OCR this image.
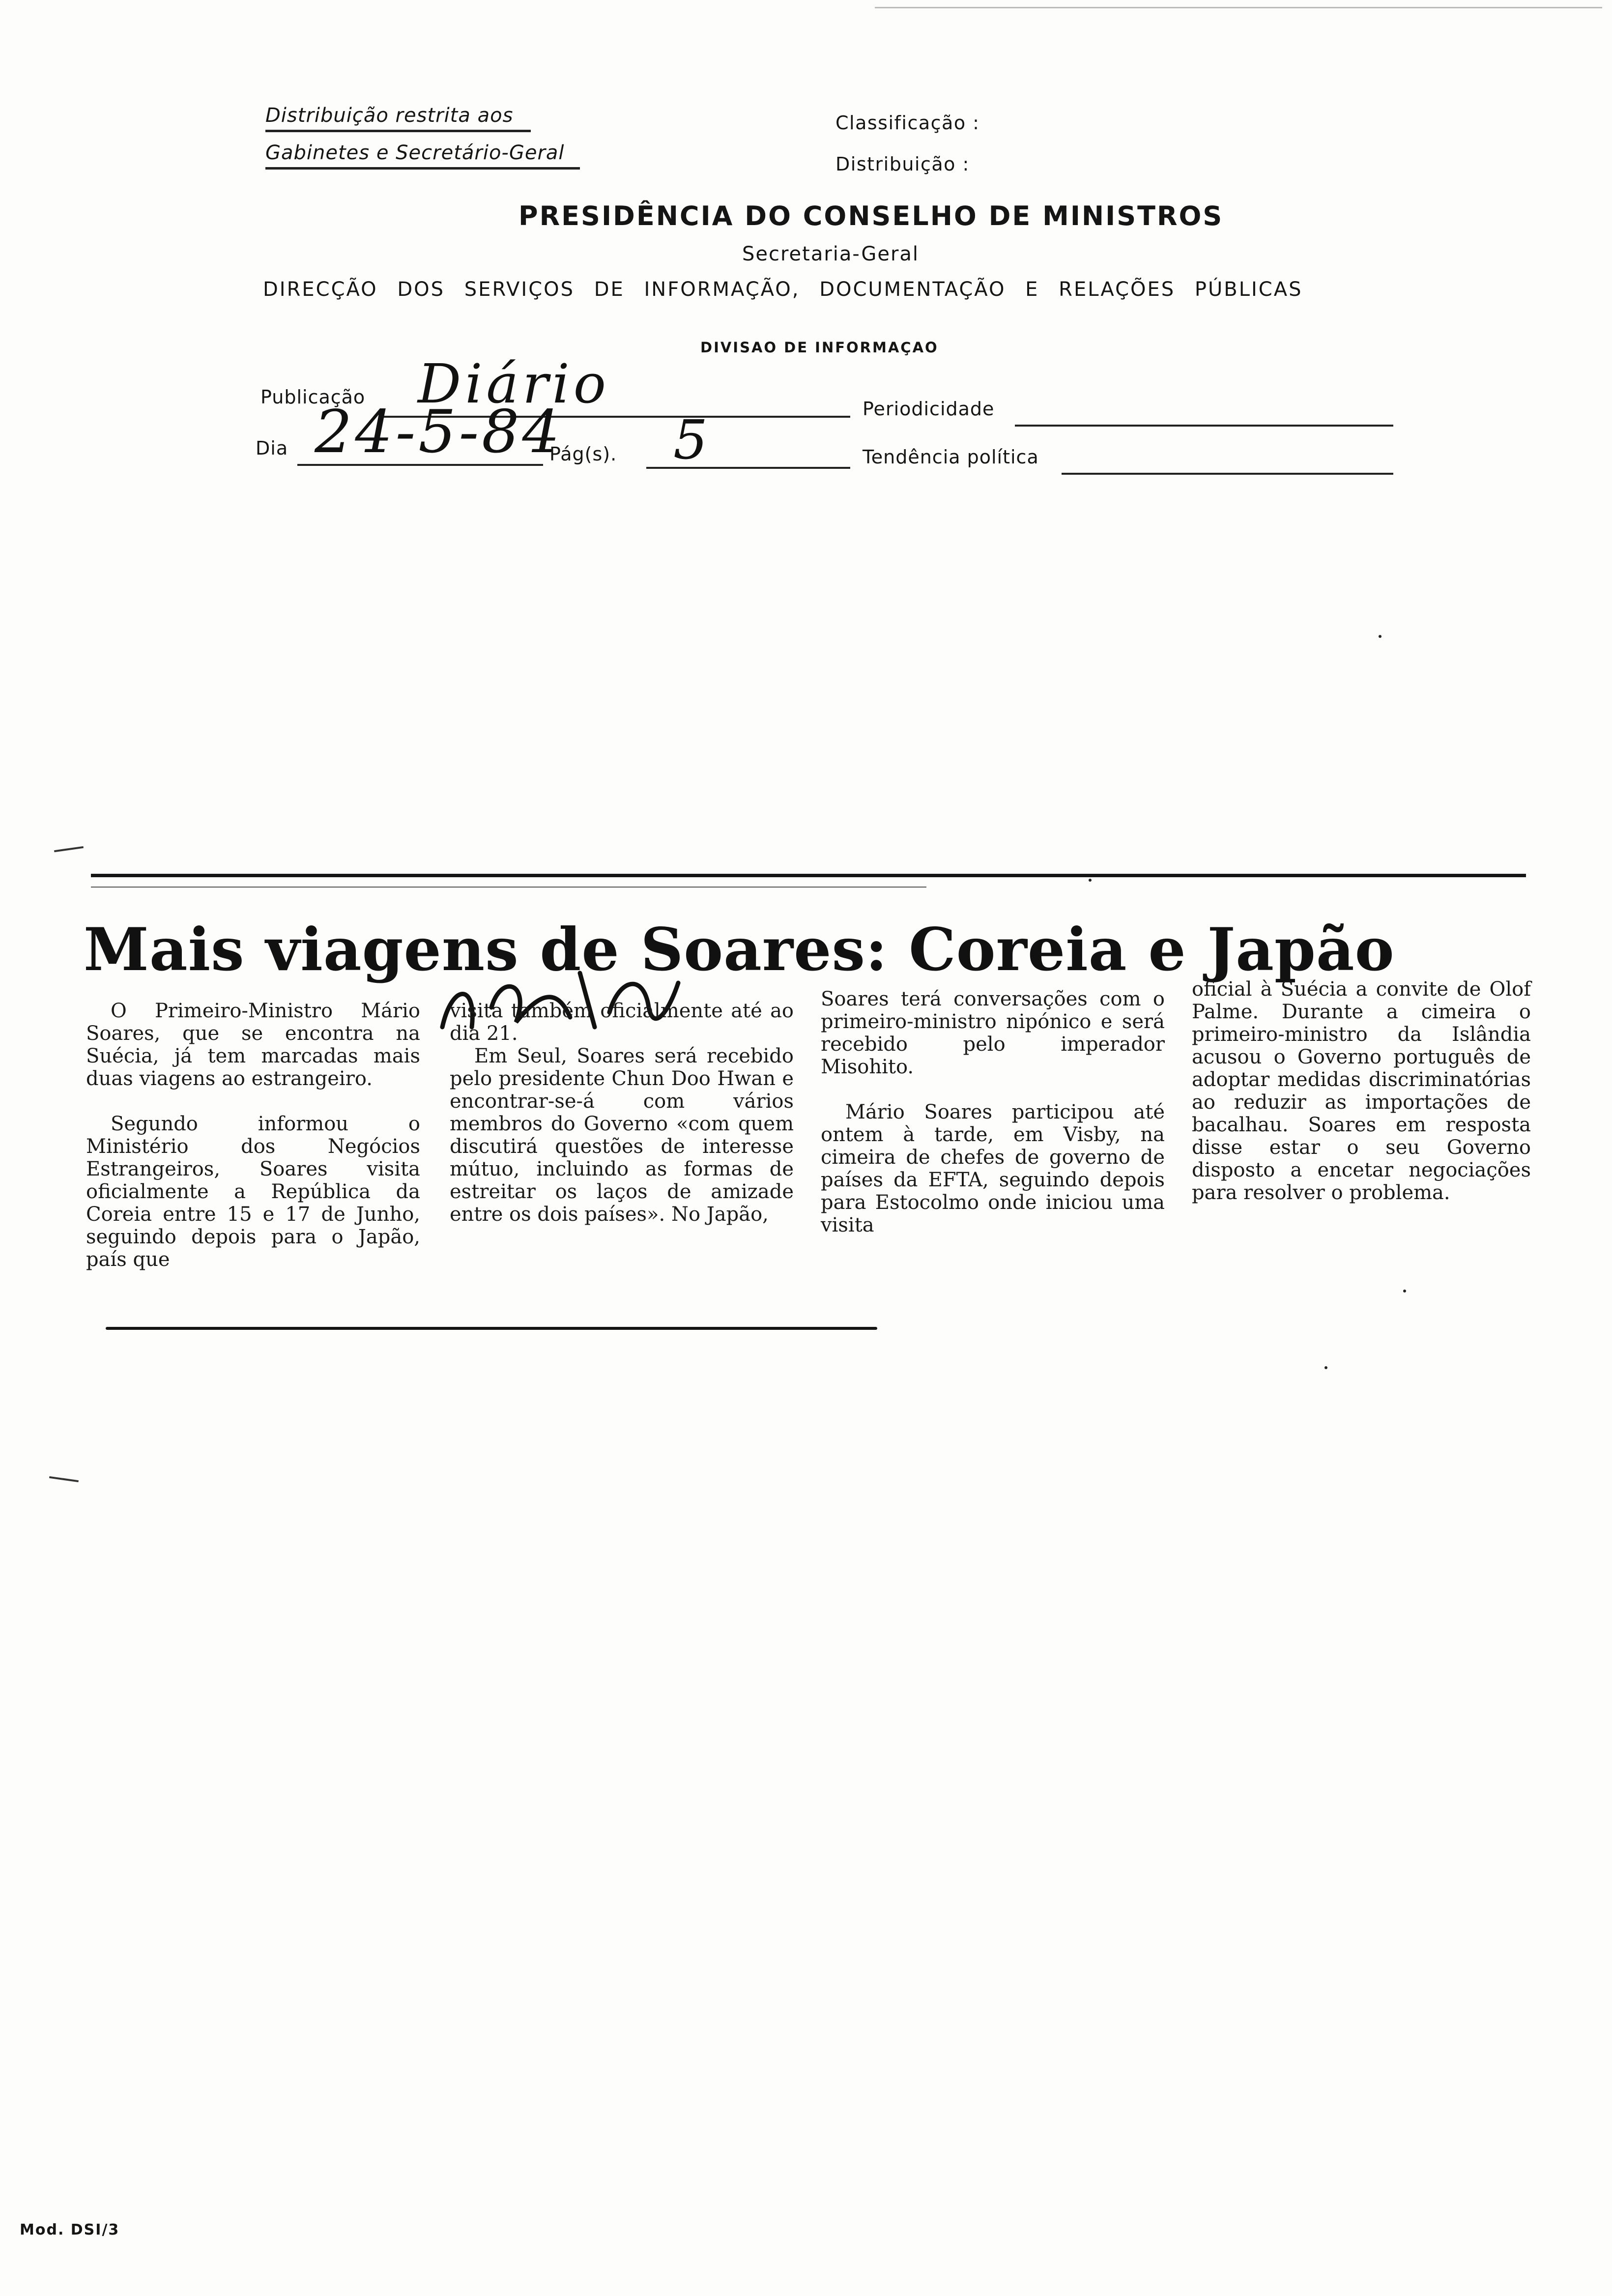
Distribuição restrita aos
Gabinetes e Secretário-Geral
Classificação :
Distribuição :
PRESIDÊNCIA DO CONSELHO DE MINISTROS
Secretaria-Geral
DIRECÇÃO DOS SERVIÇOS DE INFORMAÇÃO, DOCUMENTAÇÃO E RELAÇÕES PÚBLICAS
DIVISAO DE INFORMAÇAO
Publicação Diário	Periodicidade
Dia 24-5-84
Pág(s). 5	Tendência política
Mais viagens de Soares: Coreia e Japão

O Primeiro-Ministro Mário Soares, que se encontra na Suécia, já tem marcadas mais duas viagens ao estrangeiro.

Segundo informou o Ministério dos Negócios Estrangeiros, Soares visita oficialmente a República da Coreia entre 15 e 17 de Junho, seguindo depois para o Japão, país que

visita também oficialmente até ao dia 21.

Em Seul, Soares será recebido pelo presidente Chun Doo Hwan e encontrar-se-á com vários membros do Governo «com quem discutirá questões de interesse mútuo, incluindo as formas de estreitar os laços de amizade entre os dois países». No Japão,

Soares terá conversações com o primeiro-ministro nipónico e será recebido pelo imperador Misohito.

Mário Soares participou até ontem à tarde, em Visby, na cimeira de chefes de governo de países da EFTA, seguindo depois para Estocolmo onde iniciou uma visita

oficial à Suécia a convite de Olof Palme. Durante a cimeira o primeiro-ministro da Islândia acusou o Governo português de adoptar medidas discriminatórias ao reduzir as importações de bacalhau. Soares em resposta disse estar o seu Governo disposto a encetar negociações para resolver o problema.

Mod. DSI/3
